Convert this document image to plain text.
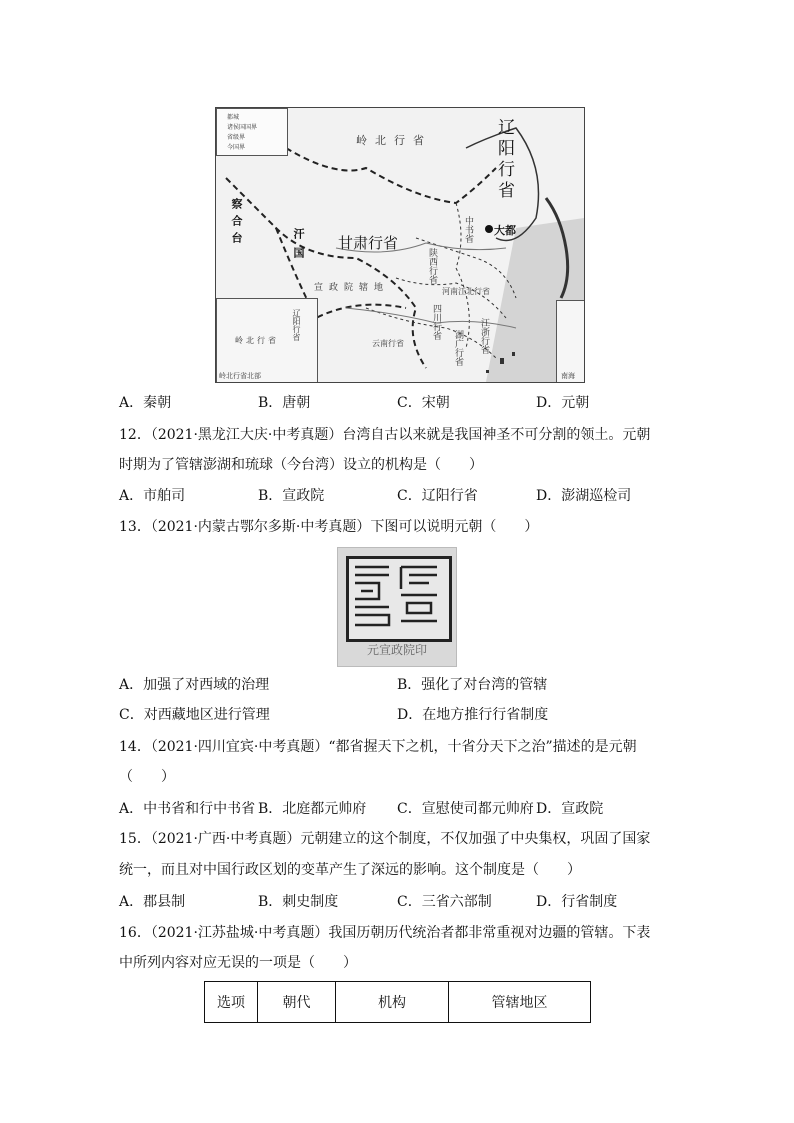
都城
诸侯国国界
省级界
今国界	辽阳行省
岭北行省
甘肃行省
大都
察合台	汗国
宣政院辖地
陕西行省
中书省
河南江北行省
四川行省	江浙行省
湖广行省
云南行省
岭北行省 辽阳行省
岭北行省北部	南海
A．秦朝	B．唐朝	C．宋朝	D．元朝
12．（2021·黑龙江大庆·中考真题）台湾自古以来就是我国神圣不可分割的领土。元朝
时期为了管辖澎湖和琉球（今台湾）设立的机构是（　　）
A．市舶司	B．宣政院	C．辽阳行省	D．澎湖巡检司
13．（2021·内蒙古鄂尔多斯·中考真题）下图可以说明元朝（　　）
元宣政院印
A．加强了对西域的治理	B．强化了对台湾的管辖
C．对西藏地区进行管理	D．在地方推行行省制度
14．（2021·四川宜宾·中考真题）“都省握天下之机，十省分天下之治”描述的是元朝
（　　）
A．中书省和行中书省 B．北庭都元帅府 C．宣慰使司都元帅府 D．宣政院
15．（2021·广西·中考真题）元朝建立的这个制度，不仅加强了中央集权，巩固了国家
统一，而且对中国行政区划的变革产生了深远的影响。这个制度是（　　）
A．郡县制	B．刺史制度	C．三省六部制	D．行省制度
16．（2021·江苏盐城·中考真题）我国历朝历代统治者都非常重视对边疆的管辖。下表
中所列内容对应无误的一项是（　　）
选项	朝代	机构	管辖地区
